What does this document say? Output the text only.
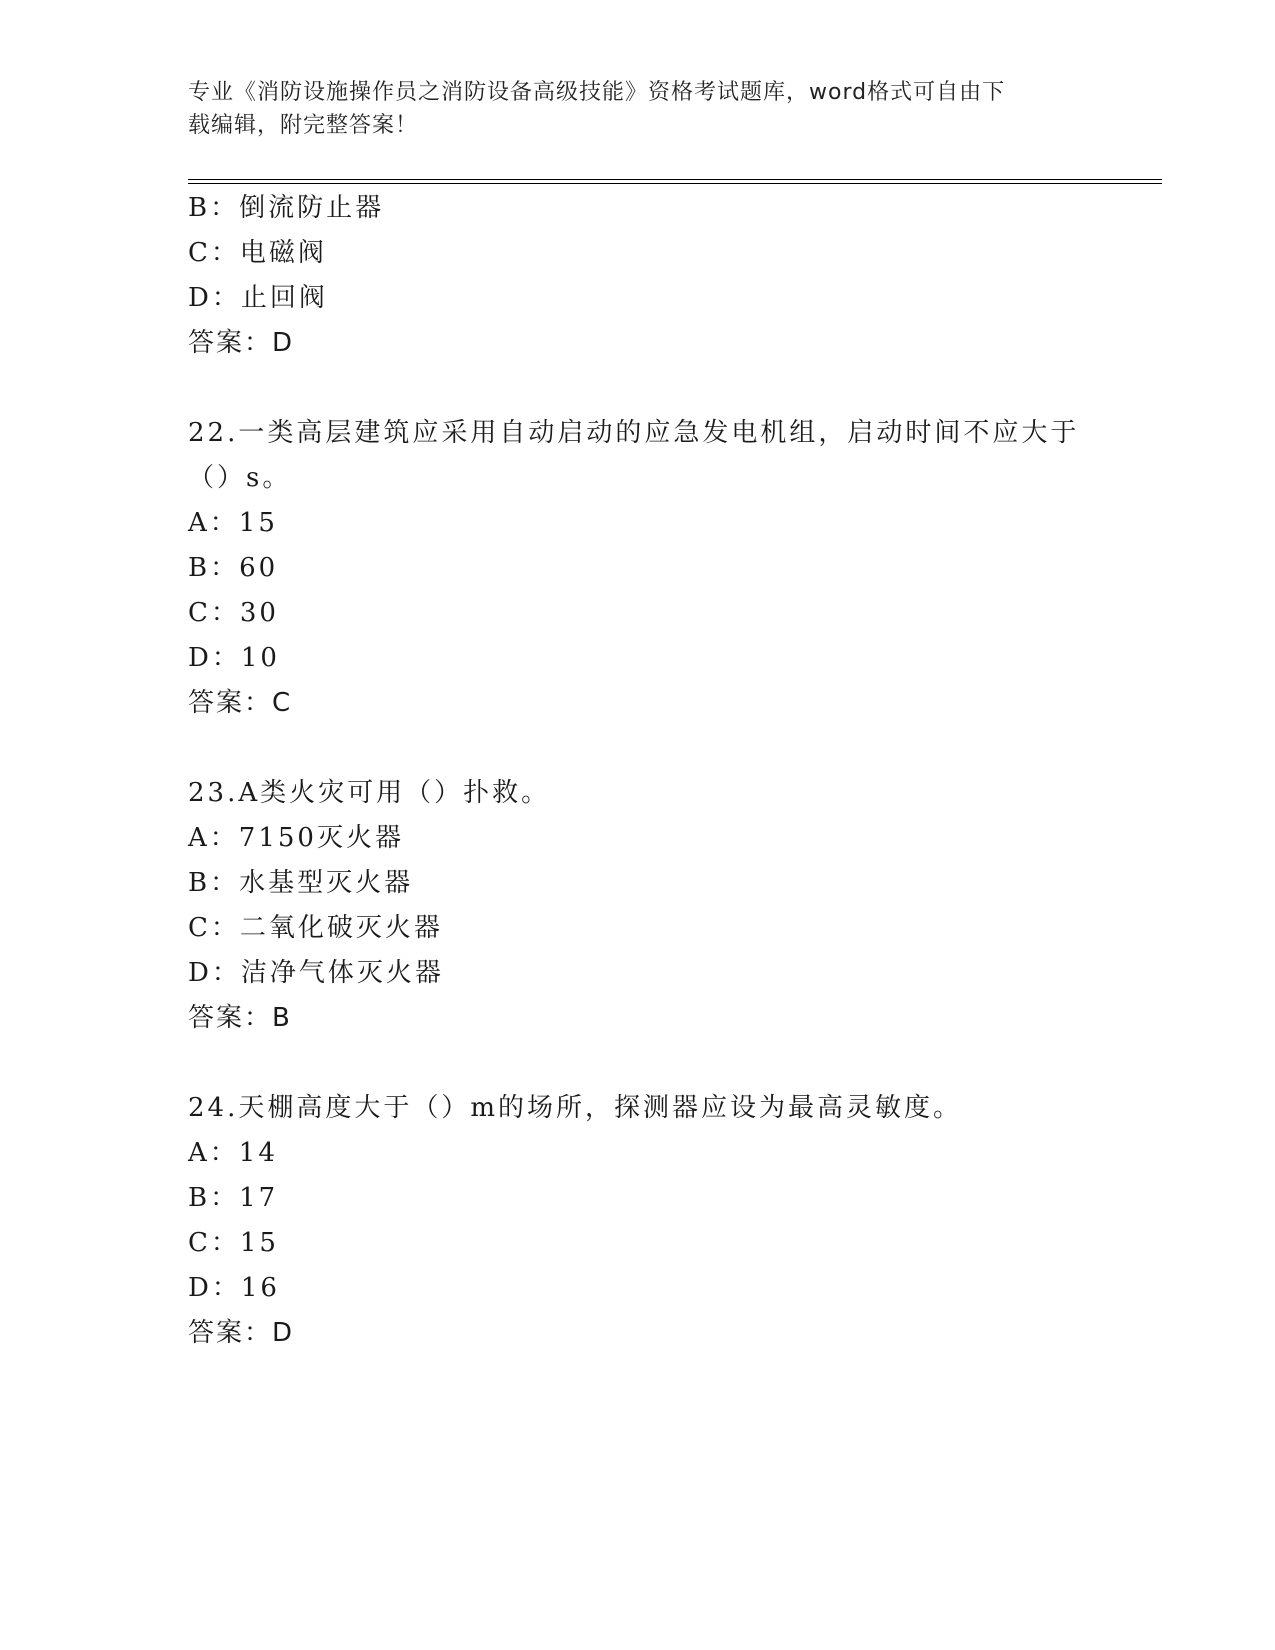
专业《消防设施操作员之消防设备高级技能》资格考试题库，word格式可自由下
载编辑，附完整答案！
B：倒流防止器
C：电磁阀
D：止回阀
答案：D
22.一类高层建筑应采用自动启动的应急发电机组，启动时间不应大于
（）s。
A：15
B：60
C：30
D：10
答案：C
23.A类火灾可用（）扑救。
A：7150灭火器
B：水基型灭火器
C：二氧化破灭火器
D：洁净气体灭火器
答案：B
24.天棚高度大于（）m的场所，探测器应设为最高灵敏度。
A：14
B：17
C：15
D：16
答案：D
